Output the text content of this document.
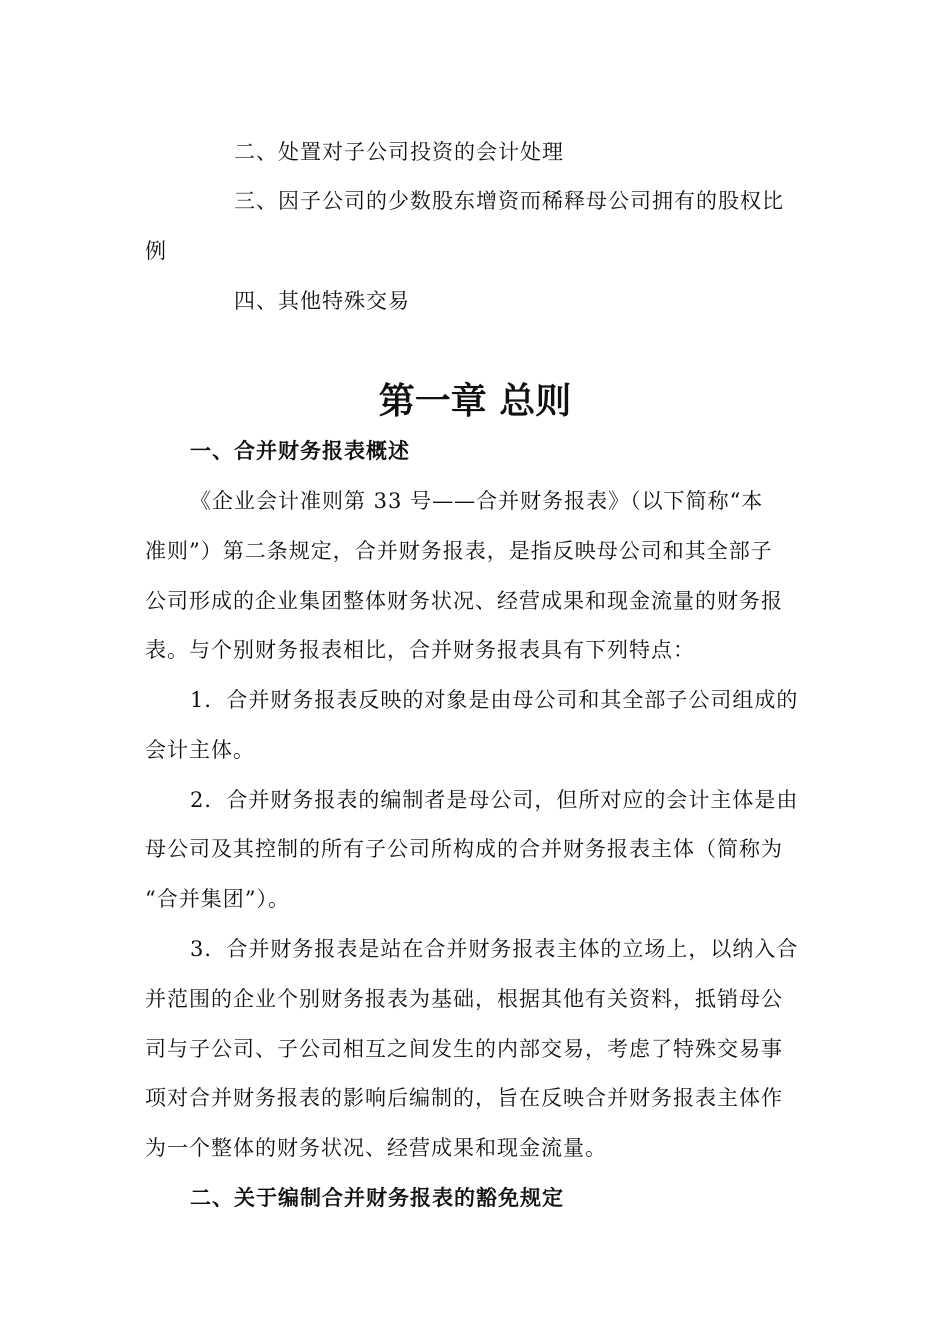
二、处置对子公司投资的会计处理
三、因子公司的少数股东增资而稀释母公司拥有的股权比
例
四、其他特殊交易
第一章 总则
一、合并财务报表概述
《企业会计准则第 33 号——合并财务报表》（以下简称“本
准则”）第二条规定，合并财务报表，是指反映母公司和其全部子
公司形成的企业集团整体财务状况、经营成果和现金流量的财务报
表。与个别财务报表相比，合并财务报表具有下列特点：
1．合并财务报表反映的对象是由母公司和其全部子公司组成的
会计主体。
2．合并财务报表的编制者是母公司，但所对应的会计主体是由
母公司及其控制的所有子公司所构成的合并财务报表主体（简称为
“合并集团”）。
3．合并财务报表是站在合并财务报表主体的立场上，以纳入合
并范围的企业个别财务报表为基础，根据其他有关资料，抵销母公
司与子公司、子公司相互之间发生的内部交易，考虑了特殊交易事
项对合并财务报表的影响后编制的，旨在反映合并财务报表主体作
为一个整体的财务状况、经营成果和现金流量。
二、关于编制合并财务报表的豁免规定
